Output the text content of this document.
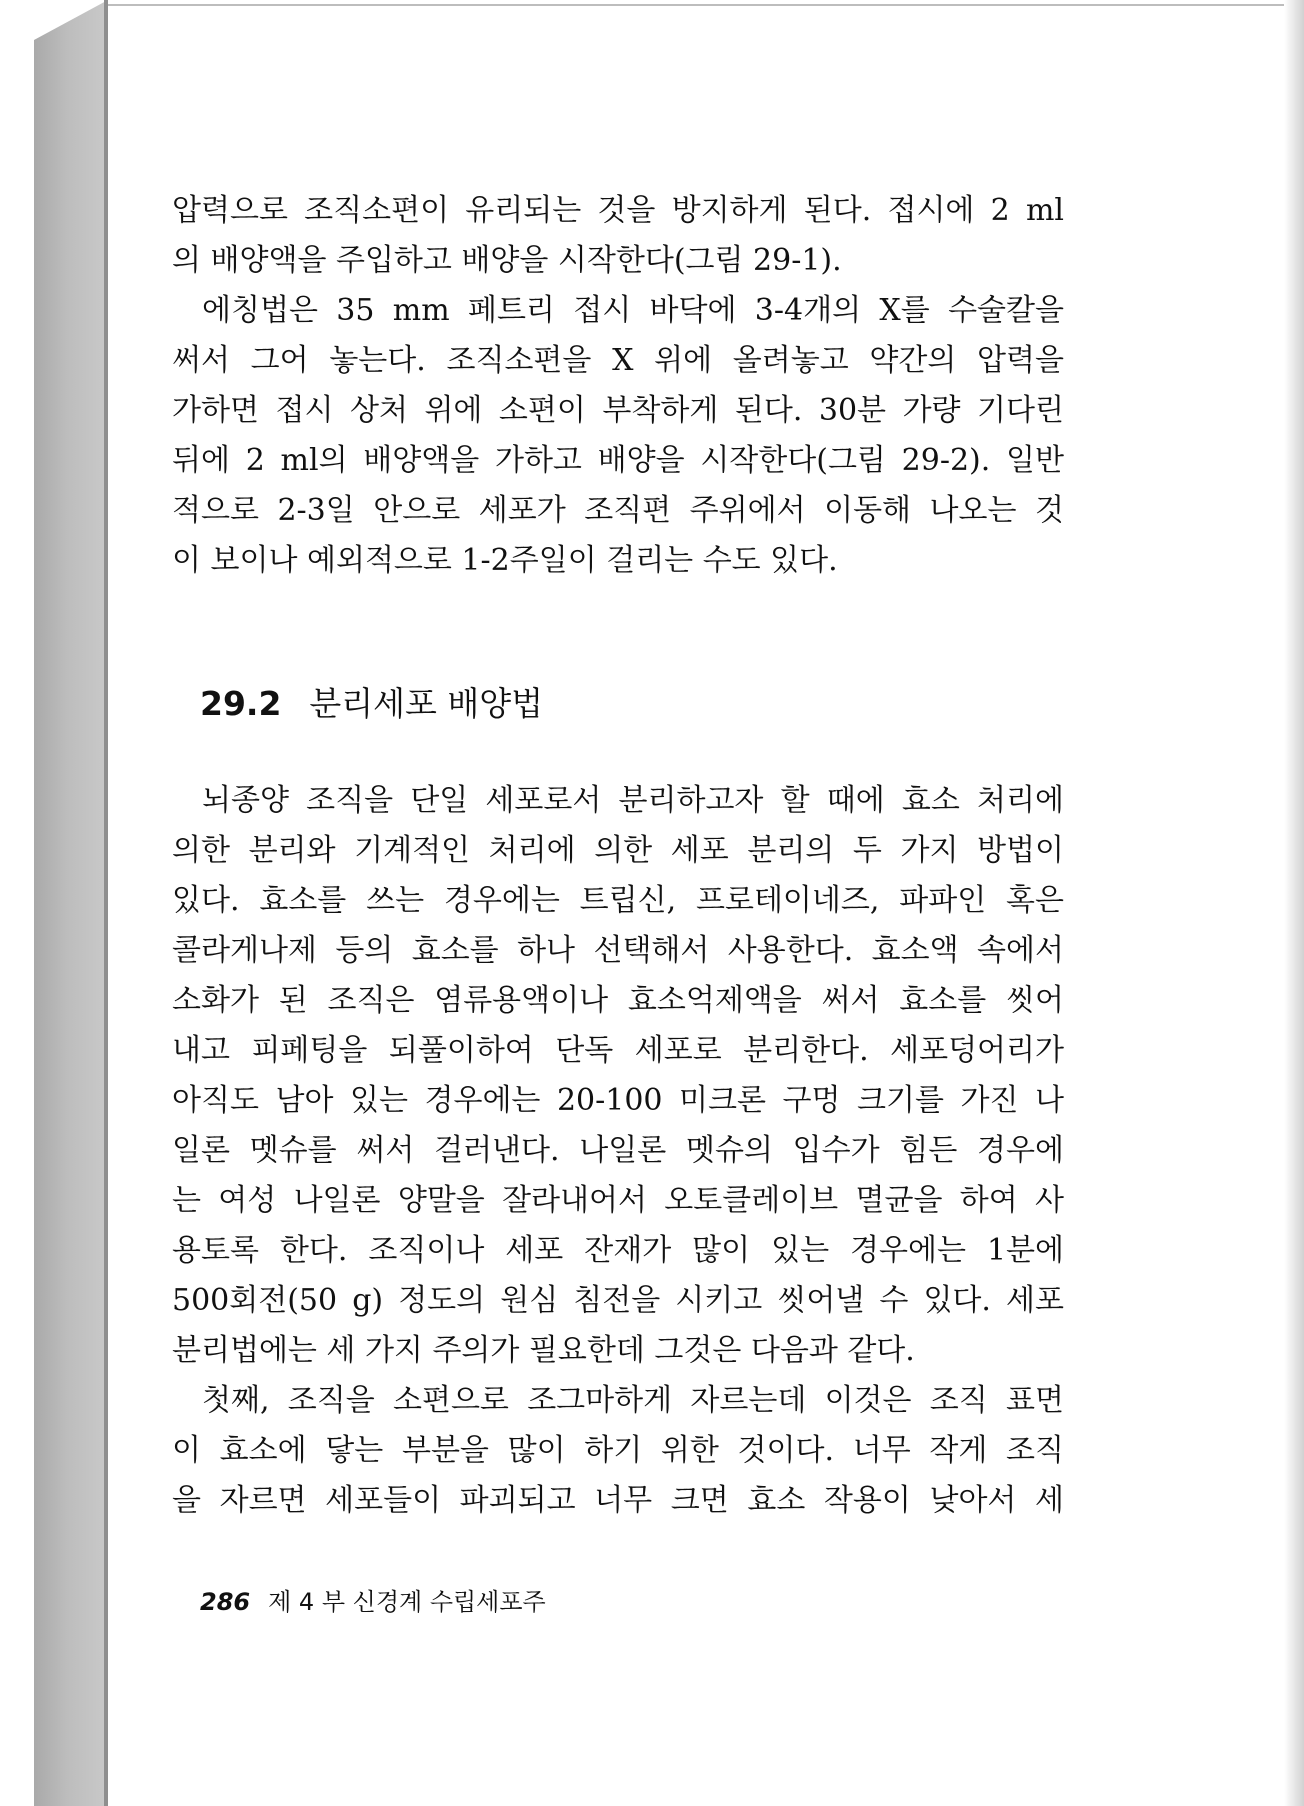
압력으로 조직소편이 유리되는 것을 방지하게 된다. 접시에 2 ml
의 배양액을 주입하고 배양을 시작한다(그림 29-1).
에칭법은 35 mm 페트리 접시 바닥에 3-4개의 X를 수술칼을
써서 그어 놓는다. 조직소편을 X 위에 올려놓고 약간의 압력을
가하면 접시 상처 위에 소편이 부착하게 된다. 30분 가량 기다린
뒤에 2 ml의 배양액을 가하고 배양을 시작한다(그림 29-2). 일반
적으로 2-3일 안으로 세포가 조직편 주위에서 이동해 나오는 것
이 보이나 예외적으로 1-2주일이 걸리는 수도 있다.
29.2 분리세포 배양법
뇌종양 조직을 단일 세포로서 분리하고자 할 때에 효소 처리에
의한 분리와 기계적인 처리에 의한 세포 분리의 두 가지 방법이
있다. 효소를 쓰는 경우에는 트립신, 프로테이네즈, 파파인 혹은
콜라게나제 등의 효소를 하나 선택해서 사용한다. 효소액 속에서
소화가 된 조직은 염류용액이나 효소억제액을 써서 효소를 씻어
내고 피페팅을 되풀이하여 단독 세포로 분리한다. 세포덩어리가
아직도 남아 있는 경우에는 20-100 미크론 구멍 크기를 가진 나
일론 멧슈를 써서 걸러낸다. 나일론 멧슈의 입수가 힘든 경우에
는 여성 나일론 양말을 잘라내어서 오토클레이브 멸균을 하여 사
용토록 한다. 조직이나 세포 잔재가 많이 있는 경우에는 1분에
500회전(50 g) 정도의 원심 침전을 시키고 씻어낼 수 있다. 세포
분리법에는 세 가지 주의가 필요한데 그것은 다음과 같다.
첫째, 조직을 소편으로 조그마하게 자르는데 이것은 조직 표면
이 효소에 닿는 부분을 많이 하기 위한 것이다. 너무 작게 조직
을 자르면 세포들이 파괴되고 너무 크면 효소 작용이 낮아서 세
286 제 4 부 신경계 수립세포주
